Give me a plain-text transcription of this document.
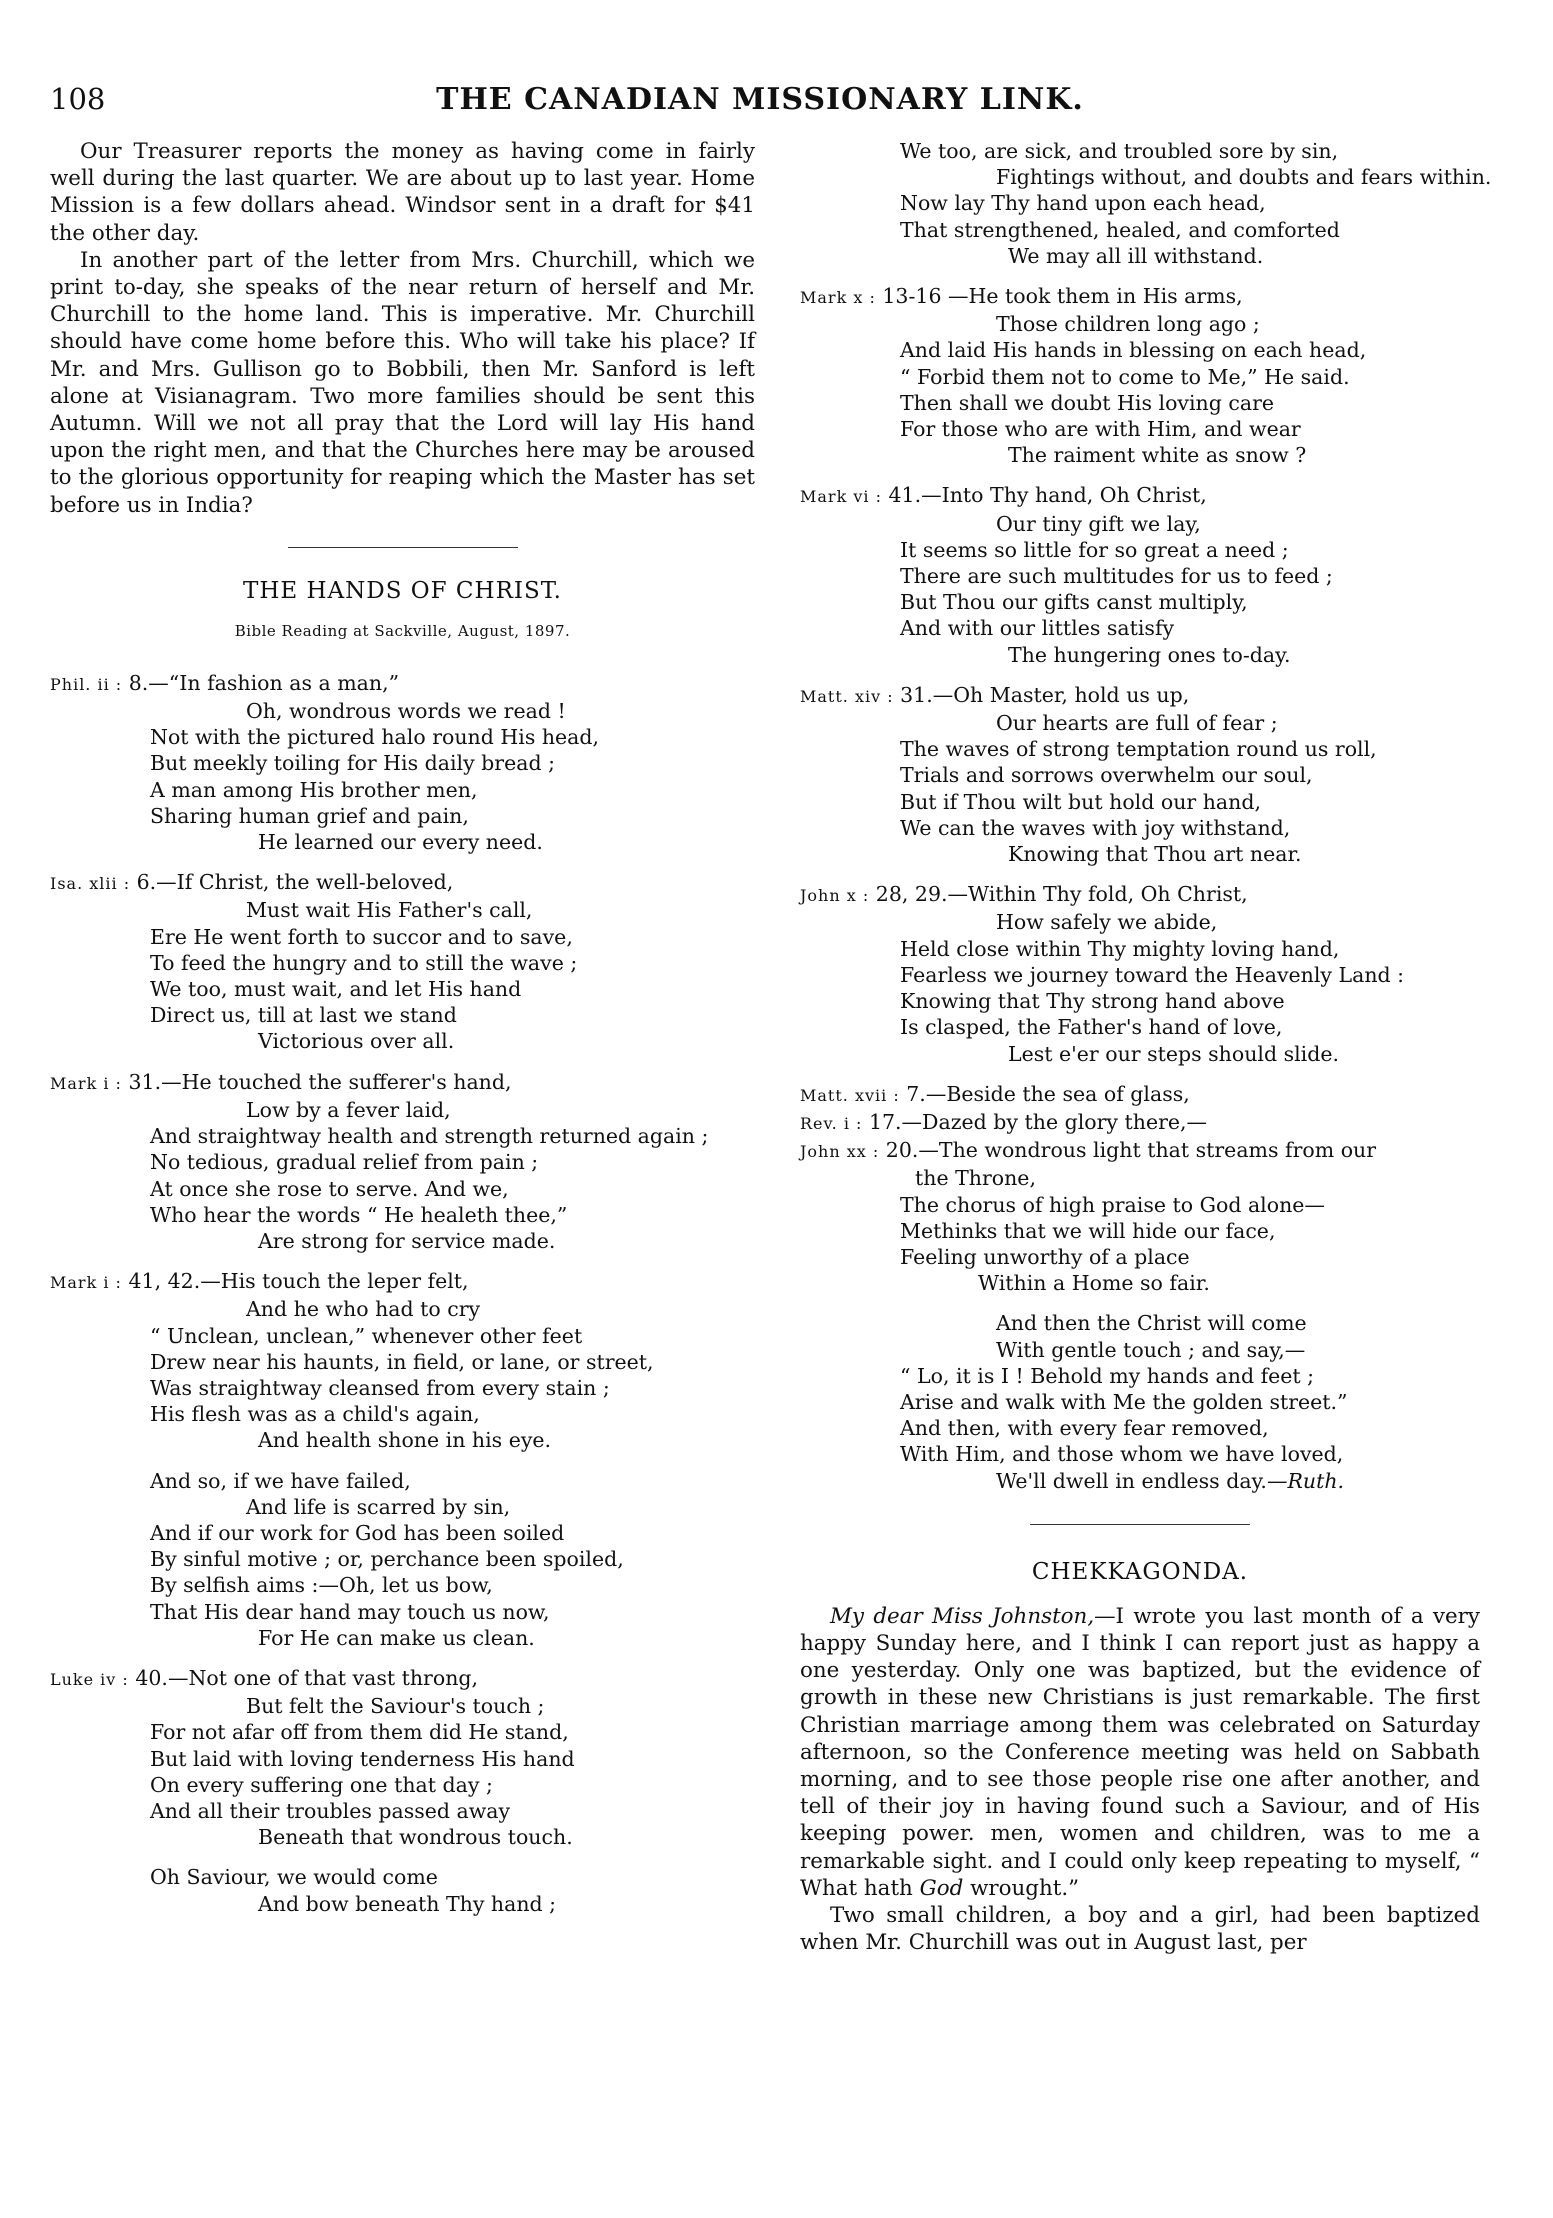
108	THE CANADIAN MISSIONARY LINK.

Our Treasurer reports the money as having come in fairly well during the last quarter. We are about up to last year. Home Mission is a few dollars ahead. Windsor sent in a draft for $41 the other day.

In another part of the letter from Mrs. Churchill, which we print to-day, she speaks of the near return of herself and Mr. Churchill to the home land. This is imperative. Mr. Churchill should have come home before this. Who will take his place? If Mr. and Mrs. Gullison go to Bobbili, then Mr. Sanford is left alone at Visianagram. Two more families should be sent this Autumn. Will we not all pray that the Lord will lay His hand upon the right men, and that the Churches here may be aroused to the glorious opportunity for reaping which the Master has set before us in India?

THE HANDS OF CHRIST.
Bible Reading at Sackville, August, 1897.
Phil. ii : 8.—“In fashion as a man,”
Oh, wondrous words we read !
Not with the pictured halo round His head,
But meekly toiling for His daily bread ;
A man among His brother men,
Sharing human grief and pain,
He learned our every need.
Isa. xlii : 6.—If Christ, the well-beloved,
Must wait His Father's call,
Ere He went forth to succor and to save,
To feed the hungry and to still the wave ;
We too, must wait, and let His hand
Direct us, till at last we stand
Victorious over all.
Mark i : 31.—He touched the sufferer's hand,
Low by a fever laid,
And straightway health and strength returned again ;
No tedious, gradual relief from pain ;
At once she rose to serve. And we,
Who hear the words “ He healeth thee,”
Are strong for service made.
Mark i : 41, 42.—His touch the leper felt,
And he who had to cry
“ Unclean, unclean,” whenever other feet
Drew near his haunts, in field, or lane, or street,
Was straightway cleansed from every stain ;
His flesh was as a child's again,
And health shone in his eye.
And so, if we have failed,
And life is scarred by sin,
And if our work for God has been soiled
By sinful motive ; or, perchance been spoiled,
By selfish aims :—Oh, let us bow,
That His dear hand may touch us now,
For He can make us clean.
Luke iv : 40.—Not one of that vast throng,
But felt the Saviour's touch ;
For not afar off from them did He stand,
But laid with loving tenderness His hand
On every suffering one that day ;
And all their troubles passed away
Beneath that wondrous touch.
Oh Saviour, we would come
And bow beneath Thy hand ;
We too, are sick, and troubled sore by sin,
Fightings without, and doubts and fears within.
Now lay Thy hand upon each head,
That strengthened, healed, and comforted
We may all ill withstand.
Mark x : 13-16 —He took them in His arms,
Those children long ago ;
And laid His hands in blessing on each head,
“ Forbid them not to come to Me,” He said.
Then shall we doubt His loving care
For those who are with Him, and wear
The raiment white as snow ?
Mark vi : 41.—Into Thy hand, Oh Christ,
Our tiny gift we lay,
It seems so little for so great a need ;
There are such multitudes for us to feed ;
But Thou our gifts canst multiply,
And with our littles satisfy
The hungering ones to-day.
Matt. xiv : 31.—Oh Master, hold us up,
Our hearts are full of fear ;
The waves of strong temptation round us roll,
Trials and sorrows overwhelm our soul,
But if Thou wilt but hold our hand,
We can the waves with joy withstand,
Knowing that Thou art near.
John x : 28, 29.—Within Thy fold, Oh Christ,
How safely we abide,
Held close within Thy mighty loving hand,
Fearless we journey toward the Heavenly Land :
Knowing that Thy strong hand above
Is clasped, the Father's hand of love,
Lest e'er our steps should slide.
Matt. xvii : 7.—Beside the sea of glass,
Rev. i : 17.—Dazed by the glory there,—
John xx : 20.—The wondrous light that streams from our
the Throne,
The chorus of high praise to God alone—
Methinks that we will hide our face,
Feeling unworthy of a place
Within a Home so fair.
And then the Christ will come
With gentle touch ; and say,—
“ Lo, it is I ! Behold my hands and feet ;
Arise and walk with Me the golden street.”
And then, with every fear removed,
With Him, and those whom we have loved,
We'll dwell in endless day.—Ruth.
CHEKKAGONDA.

My dear Miss Johnston,—I wrote you last month of a very happy Sunday here, and I think I can report just as happy a one yesterday. Only one was baptized, but the evidence of growth in these new Christians is just remarkable. The first Christian marriage among them was celebrated on Saturday afternoon, so the Conference meeting was held on Sabbath morning, and to see those people rise one after another, and tell of their joy in having found such a Saviour, and of His keeping power. men, women and children, was to me a remarkable sight. and I could only keep repeating to myself, “ What hath God wrought.”

Two small children, a boy and a girl, had been baptized when Mr. Churchill was out in August last, per
